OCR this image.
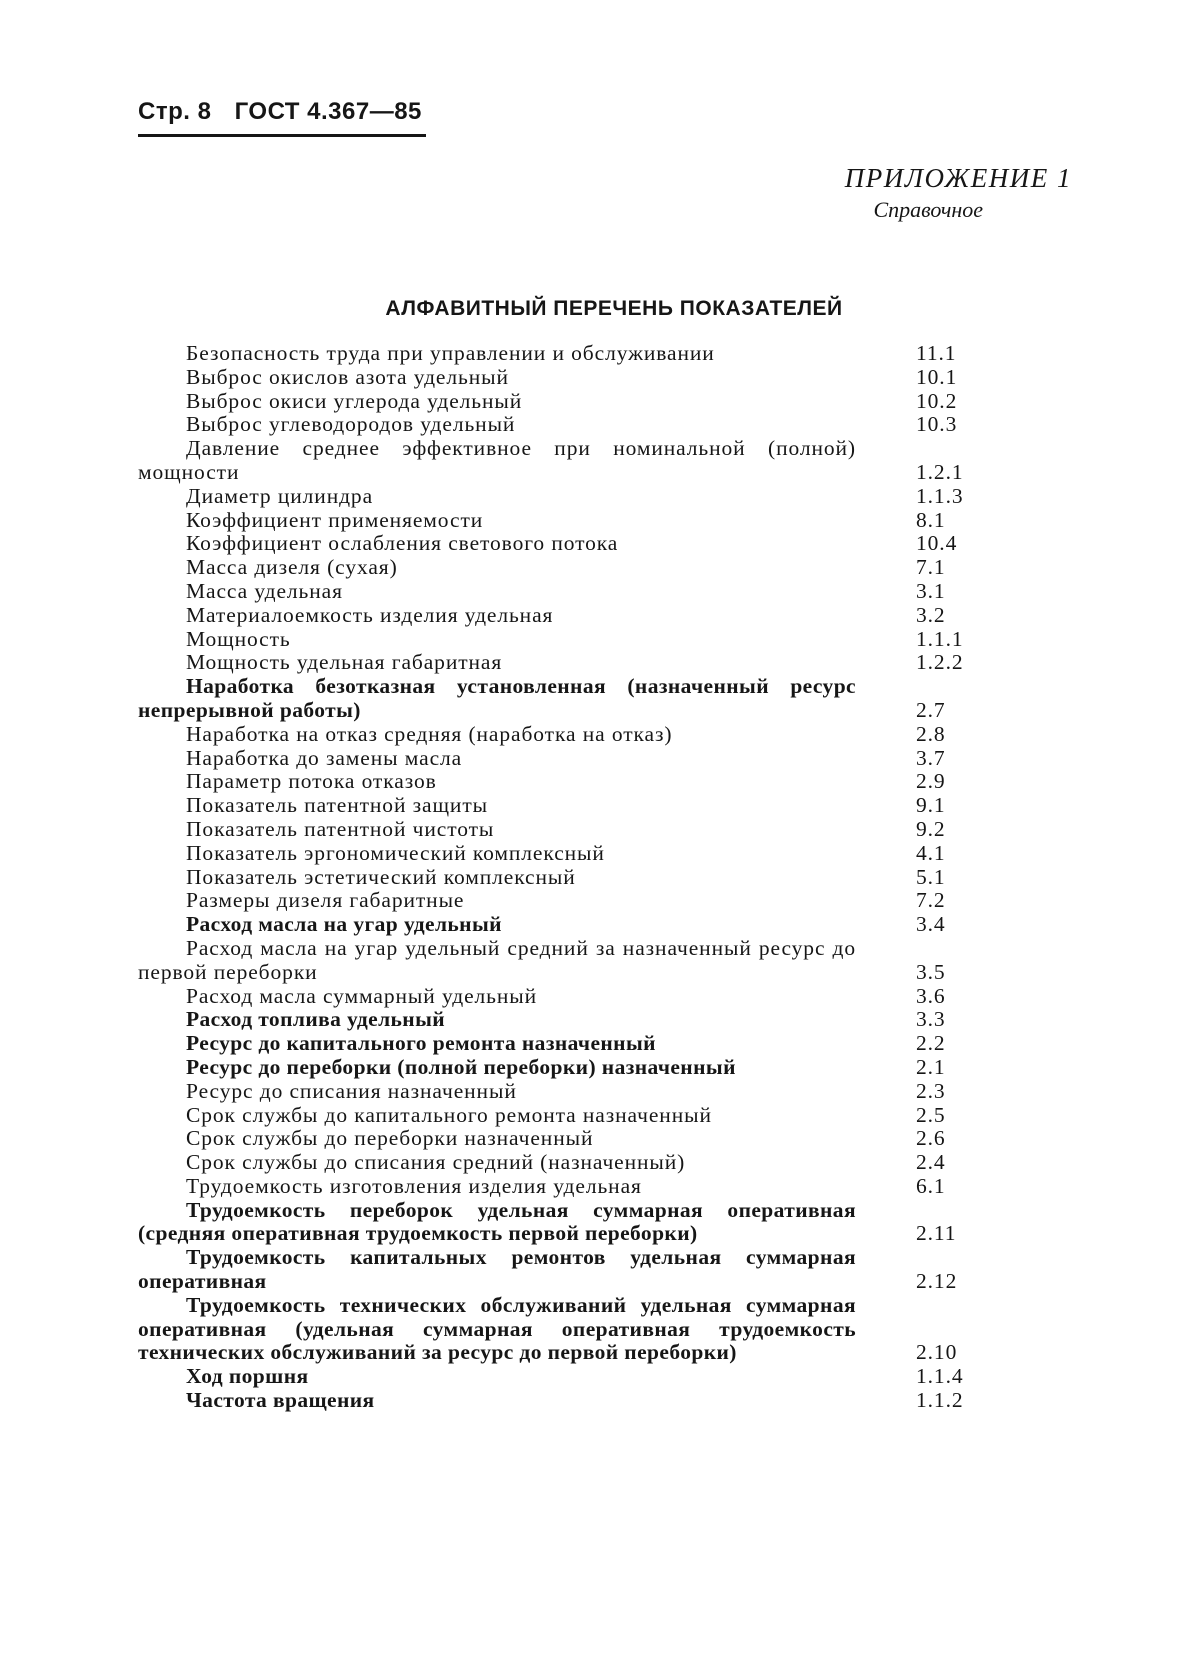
Стр. 8 ГОСТ 4.367—85
ПРИЛОЖЕНИЕ 1
Справочное
АЛФАВИТНЫЙ ПЕРЕЧЕНЬ ПОКАЗАТЕЛЕЙ
Безопасность труда при управлении и обслуживании	11.1
Выброс окислов азота удельный	10.1
Выброс окиси углерода удельный	10.2
Выброс углеводородов удельный	10.3
Давление среднее эффективное при номинальной (полной) мощности	1.2.1
Диаметр цилиндра	1.1.3
Коэффициент применяемости	8.1
Коэффициент ослабления светового потока	10.4
Масса дизеля (сухая)	7.1
Масса удельная	3.1
Материалоемкость изделия удельная	3.2
Мощность	1.1.1
Мощность удельная габаритная	1.2.2
Наработка безотказная установленная (назначенный ресурс непрерывной работы)	2.7
Наработка на отказ средняя (наработка на отказ)	2.8
Наработка до замены масла	3.7
Параметр потока отказов	2.9
Показатель патентной защиты	9.1
Показатель патентной чистоты	9.2
Показатель эргономический комплексный	4.1
Показатель эстетический комплексный	5.1
Размеры дизеля габаритные	7.2
Расход масла на угар удельный	3.4
Расход масла на угар удельный средний за назначенный ресурс до первой переборки	3.5
Расход масла суммарный удельный	3.6
Расход топлива удельный	3.3
Ресурс до капитального ремонта назначенный	2.2
Ресурс до переборки (полной переборки) назначенный	2.1
Ресурс до списания назначенный	2.3
Срок службы до капитального ремонта назначенный	2.5
Срок службы до переборки назначенный	2.6
Срок службы до списания средний (назначенный)	2.4
Трудоемкость изготовления изделия удельная	6.1
Трудоемкость переборок удельная суммарная оперативная (средняя оперативная трудоемкость первой переборки)	2.11
Трудоемкость капитальных ремонтов удельная суммарная оперативная	2.12
Трудоемкость технических обслуживаний удельная суммарная оперативная (удельная суммарная оперативная трудоемкость технических обслуживаний за ресурс до первой переборки)	2.10
Ход поршня	1.1.4
Частота вращения	1.1.2
